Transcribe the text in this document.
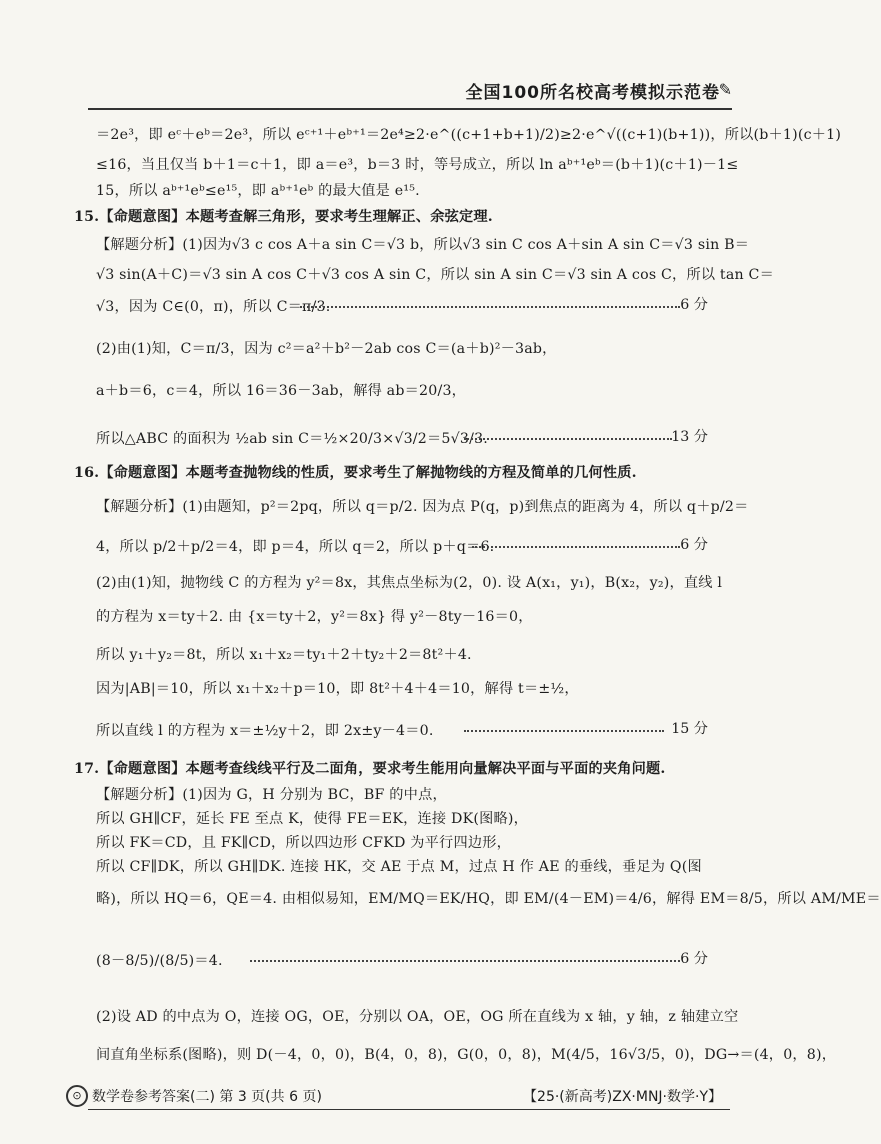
✎
全国100所名校高考模拟示范卷
＝2e³，即 eᶜ＋eᵇ＝2e³，所以 eᶜ⁺¹＋eᵇ⁺¹＝2e⁴≥2·e^((c+1+b+1)/2)≥2·e^√((c+1)(b+1))，所以(b＋1)(c＋1)
≤16，当且仅当 b＋1＝c＋1，即 a＝e³，b＝3 时，等号成立，所以 ln aᵇ⁺¹eᵇ＝(b＋1)(c＋1)－1≤
15，所以 aᵇ⁺¹eᵇ≤e¹⁵，即 aᵇ⁺¹eᵇ 的最大值是 e¹⁵.
15.【命题意图】本题考查解三角形，要求考生理解正、余弦定理.
【解题分析】(1)因为√3 c cos A＋a sin C＝√3 b，所以√3 sin C cos A＋sin A sin C＝√3 sin B＝
√3 sin(A＋C)＝√3 sin A cos C＋√3 cos A sin C，所以 sin A sin C＝√3 sin A cos C，所以 tan C＝
√3，因为 C∈(0，π)，所以 C＝π/3.	6 分
(2)由(1)知，C＝π/3，因为 c²＝a²＋b²－2ab cos C＝(a＋b)²－3ab，
a＋b＝6，c＝4，所以 16＝36－3ab，解得 ab＝20/3，
所以△ABC 的面积为 ½ab sin C＝½×20/3×√3/2＝5√3/3.	13 分
16.【命题意图】本题考查抛物线的性质，要求考生了解抛物线的方程及简单的几何性质.
【解题分析】(1)由题知，p²＝2pq，所以 q＝p/2. 因为点 P(q，p)到焦点的距离为 4，所以 q＋p/2＝
4，所以 p/2＋p/2＝4，即 p＝4，所以 q＝2，所以 p＋q＝6.	6 分
(2)由(1)知，抛物线 C 的方程为 y²＝8x，其焦点坐标为(2，0). 设 A(x₁，y₁)，B(x₂，y₂)，直线 l
的方程为 x＝ty＋2. 由 {x＝ty＋2，y²＝8x} 得 y²－8ty－16＝0，
所以 y₁＋y₂＝8t，所以 x₁＋x₂＝ty₁＋2＋ty₂＋2＝8t²＋4.
因为|AB|＝10，所以 x₁＋x₂＋p＝10，即 8t²＋4＋4＝10，解得 t＝±½，
所以直线 l 的方程为 x＝±½y＋2，即 2x±y－4＝0.	15 分
17.【命题意图】本题考查线线平行及二面角，要求考生能用向量解决平面与平面的夹角问题.
【解题分析】(1)因为 G，H 分别为 BC，BF 的中点，
所以 GH∥CF，延长 FE 至点 K，使得 FE＝EK，连接 DK(图略)，
所以 FK＝CD，且 FK∥CD，所以四边形 CFKD 为平行四边形，
所以 CF∥DK，所以 GH∥DK. 连接 HK，交 AE 于点 M，过点 H 作 AE 的垂线，垂足为 Q(图
略)，所以 HQ＝6，QE＝4. 由相似易知，EM/MQ＝EK/HQ，即 EM/(4－EM)＝4/6，解得 EM＝8/5，所以 AM/ME＝
(8－8/5)/(8/5)＝4.	6 分
(2)设 AD 的中点为 O，连接 OG，OE，分别以 OA，OE，OG 所在直线为 x 轴，y 轴，z 轴建立空
间直角坐标系(图略)，则 D(－4，0，0)，B(4，0，8)，G(0，0，8)，M(4/5，16√3/5，0)，DG→＝(4，0，8)，
⊙ 数学卷参考答案(二) 第 3 页(共 6 页)	【25·(新高考)ZX·MNJ·数学·Y】
